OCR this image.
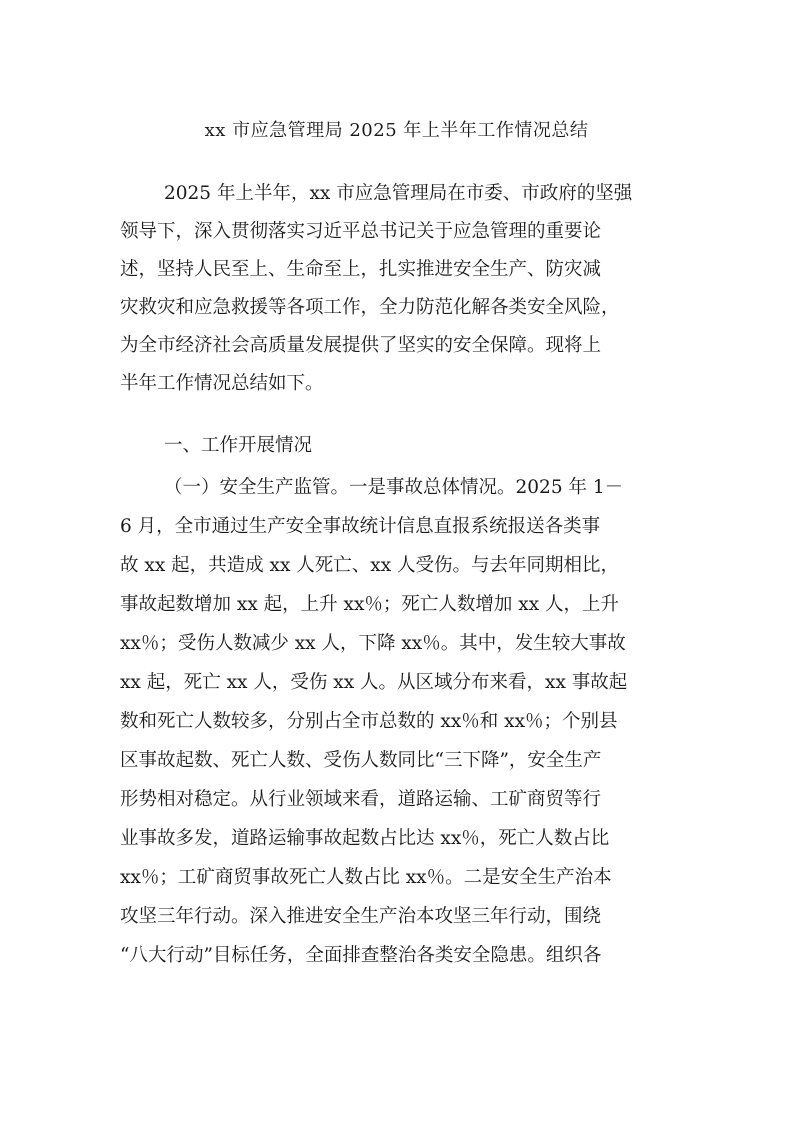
xx 市应急管理局 2025 年上半年工作情况总结
2025 年上半年，xx 市应急管理局在市委、市政府的坚强
领导下，深入贯彻落实习近平总书记关于应急管理的重要论
述，坚持人民至上、生命至上，扎实推进安全生产、防灾减
灾救灾和应急救援等各项工作，全力防范化解各类安全风险，
为全市经济社会高质量发展提供了坚实的安全保障。现将上
半年工作情况总结如下。
一、工作开展情况
（一）安全生产监管。一是事故总体情况。2025 年 1－
6 月，全市通过生产安全事故统计信息直报系统报送各类事
故 xx 起，共造成 xx 人死亡、xx 人受伤。与去年同期相比，
事故起数增加 xx 起，上升 xx％；死亡人数增加 xx 人，上升
xx％；受伤人数减少 xx 人，下降 xx％。其中，发生较大事故
xx 起，死亡 xx 人，受伤 xx 人。从区域分布来看，xx 事故起
数和死亡人数较多，分别占全市总数的 xx％和 xx％；个别县
区事故起数、死亡人数、受伤人数同比“三下降”，安全生产
形势相对稳定。从行业领域来看，道路运输、工矿商贸等行
业事故多发，道路运输事故起数占比达 xx％，死亡人数占比
xx％；工矿商贸事故死亡人数占比 xx％。二是安全生产治本
攻坚三年行动。深入推进安全生产治本攻坚三年行动，围绕
“八大行动”目标任务，全面排查整治各类安全隐患。组织各
